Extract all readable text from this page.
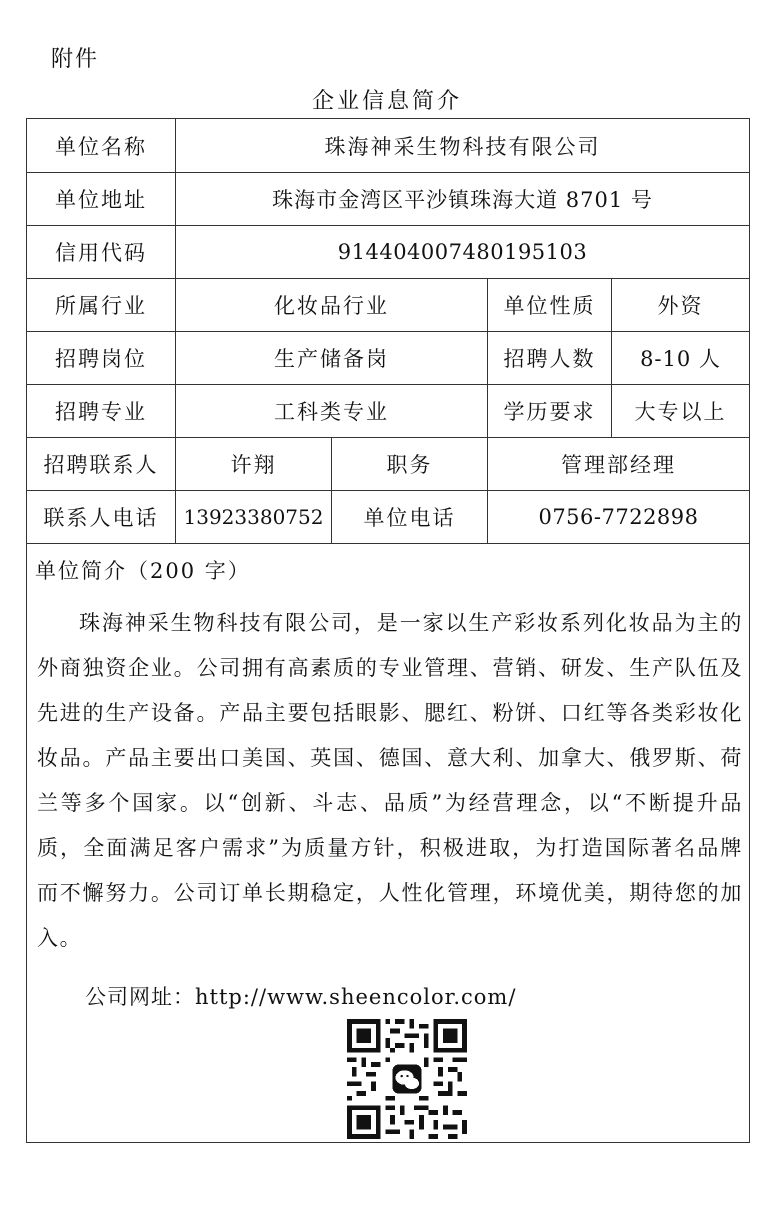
附件
企业信息简介
单位名称	珠海神采生物科技有限公司
单位地址	珠海市金湾区平沙镇珠海大道 8701 号
信用代码	914404007480195103
所属行业	化妆品行业	单位性质	外资
招聘岗位	生产储备岗	招聘人数	8-10 人
招聘专业	工科类专业	学历要求	大专以上
招聘联系人	许翔	职务	管理部经理
联系人电话	13923380752	单位电话	0756-7722898
单位简介（200 字）

珠海神采生物科技有限公司，是一家以生产彩妆系列化妆品为主的外商独资企业。公司拥有高素质的专业管理、营销、研发、生产队伍及先进的生产设备。产品主要包括眼影、腮红、粉饼、口红等各类彩妆化妆品。产品主要出口美国、英国、德国、意大利、加拿大、俄罗斯、荷兰等多个国家。以“创新、斗志、品质”为经营理念，以“不断提升品质，全面满足客户需求”为质量方针，积极进取，为打造国际著名品牌而不懈努力。公司订单长期稳定，人性化管理，环境优美，期待您的加入。

公司网址：http://www.sheencolor.com/
